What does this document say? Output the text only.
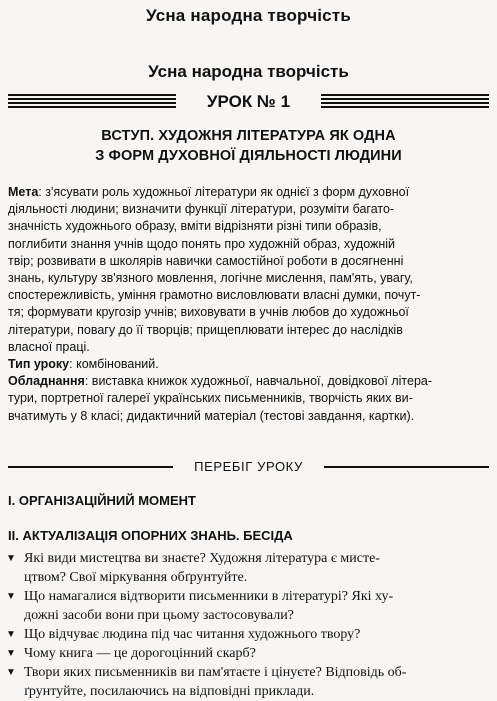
Усна народна творчість
Усна народна творчість
УРОК № 1
ВСТУП. ХУДОЖНЯ ЛІТЕРАТУРА ЯК ОДНА
З ФОРМ ДУХОВНОЇ ДІЯЛЬНОСТІ ЛЮДИНИ

Мета: з'ясувати роль художньої літератури як однієї з форм духовної
діяльності людини; визначити функції літератури, розуміти багато-
значність художнього образу, вміти відрізняти різні типи образів,
поглибити знання учнів щодо понять про художній образ, художній
твір; розвивати в школярів навички самостійної роботи в досягненні
знань, культуру зв'язного мовлення, логічне мислення, пам'ять, увагу,
спостережливість, уміння грамотно висловлювати власні думки, почут-
тя; формувати кругозір учнів; виховувати в учнів любов до художньої
літератури, повагу до її творців; прищеплювати інтерес до наслідків
власної праці.

Тип уроку: комбінований.

Обладнання: виставка книжок художньої, навчальної, довідкової літера-
тури, портретної галереї українських письменників, творчість яких ви-
вчатимуть у 8 класі; дидактичний матеріал (тестові завдання, картки).

ПЕРЕБІГ УРОКУ
І. ОРГАНІЗАЦІЙНИЙ МОМЕНТ
ІІ. АКТУАЛІЗАЦІЯ ОПОРНИХ ЗНАНЬ. БЕСІДА
▼ Які види мистецтва ви знаєте? Художня література є мисте-
цтвом? Свої міркування обґрунтуйте.
▼ Що намагалися відтворити письменники в літературі? Які ху-
дожні засоби вони при цьому застосовували?
▼ Що відчуває людина під час читання художнього твору?
▼ Чому книга — це дорогоцінний скарб?
▼ Твори яких письменників ви пам'ятаєте і цінуєте? Відповідь об-
ґрунтуйте, посилаючись на відповідні приклади.
